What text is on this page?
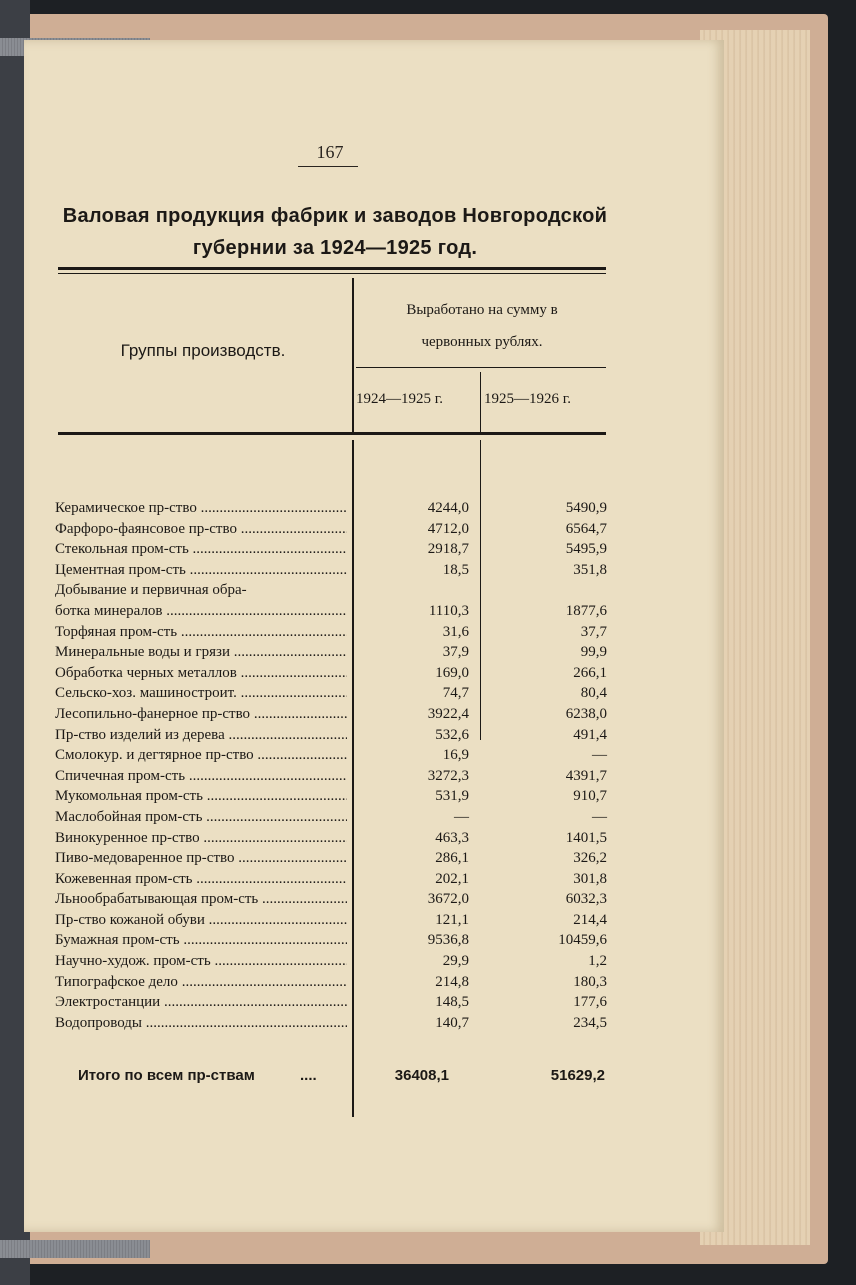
167
Валовая продукция фабрик и заводов Новгородской
губернии за 1924—1925 год.
Группы производств.
Выработано на сумму в
червонных рублях.
1924—1925 г.	1925—1926 г.
Керамическое пр-ство .....	4244,0	5490,9
Фарфоро-фаянсовое пр-ство .....	4712,0	6564,7
Стекольная пром-сть .....	2918,7	5495,9
Цементная пром-сть .....	18,5	351,8
Добывание и первичная обра-
ботка минералов .....	1110,3	1877,6
Торфяная пром-сть .....	31,6	37,7
Минеральные воды и грязи .....	37,9	99,9
Обработка черных металлов .....	169,0	266,1
Сельско-хоз. машиностроит. .....	74,7	80,4
Лесопильно-фанерное пр-ство .....	3922,4	6238,0
Пр-ство изделий из дерева .....	532,6	491,4
Смолокур. и дегтярное пр-ство .....	16,9	—
Спичечная пром-сть .....	3272,3	4391,7
Мукомольная пром-сть .....	531,9	910,7
Маслобойная пром-сть .....	—	—
Винокуренное пр-ство .....	463,3	1401,5
Пиво-медоваренное пр-ство .....	286,1	326,2
Кожевенная пром-сть .....	202,1	301,8
Льнообрабатывающая пром-сть .....	3672,0	6032,3
Пр-ство кожаной обуви .....	121,1	214,4
Бумажная пром-сть .....	9536,8	10459,6
Научно-худож. пром-сть .....	29,9	1,2
Типографское дело .....	214,8	180,3
Электростанции .....	148,5	177,6
Водопроводы .....	140,7	234,5
Итого по всем пр-ствам	....	36408,1	51629,2
